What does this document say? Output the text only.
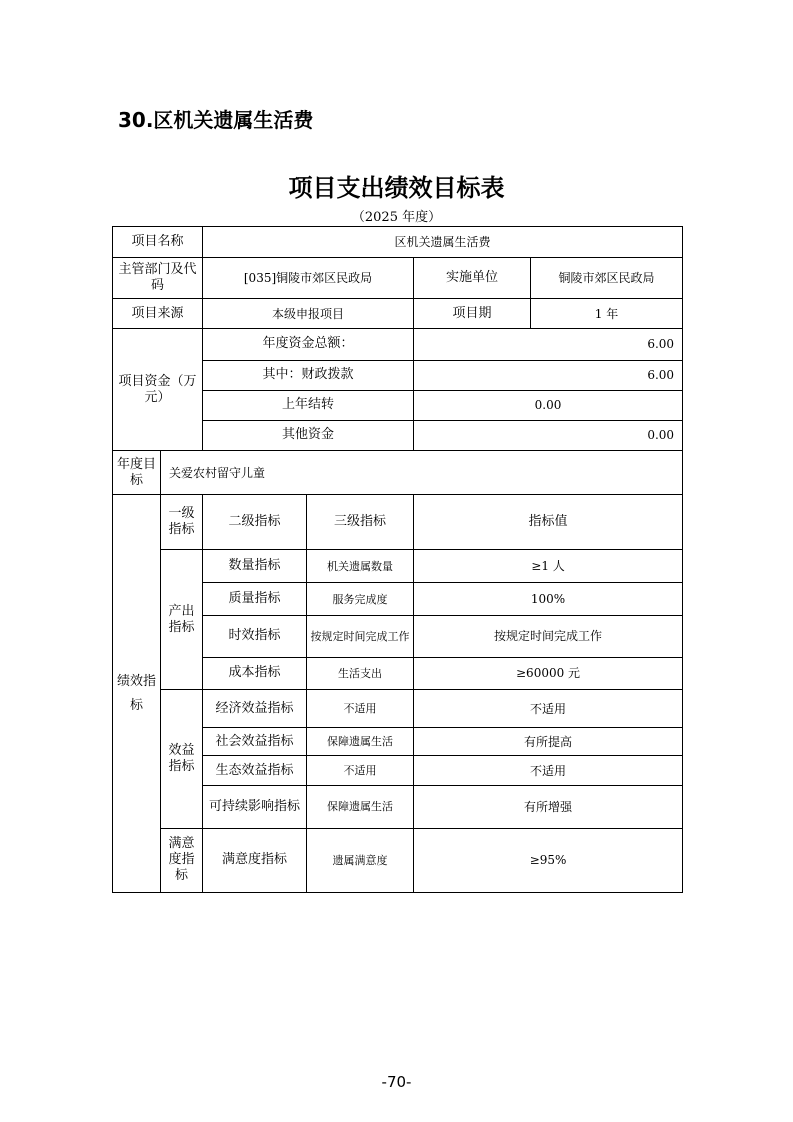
30.区机关遗属生活费
项目支出绩效目标表
（2025 年度）
项目名称		区机关遗属生活费			
主管部门及代码		[035]铜陵市郊区民政局		实施单位	铜陵市郊区民政局
项目来源		本级申报项目		项目期	1 年
项目资金（万元）		年度资金总额：		6.00	
		其中：财政拨款		6.00	
		上年结转		0.00	
		其他资金		0.00	
年度目标	关爱农村留守儿童				
绩效指标	一级指标	二级指标	三级指标	指标值	
	产出指标	数量指标	机关遗属数量	≥1 人	
		质量指标	服务完成度	100%	
		时效指标	按规定时间完成工作	按规定时间完成工作	
		成本指标	生活支出	≥60000 元	
	效益指标	经济效益指标	不适用	不适用	
		社会效益指标	保障遗属生活	有所提高	
		生态效益指标	不适用	不适用	
		可持续影响指标	保障遗属生活	有所增强	
	满意度指标	满意度指标	遗属满意度	≥95%	
-70-
